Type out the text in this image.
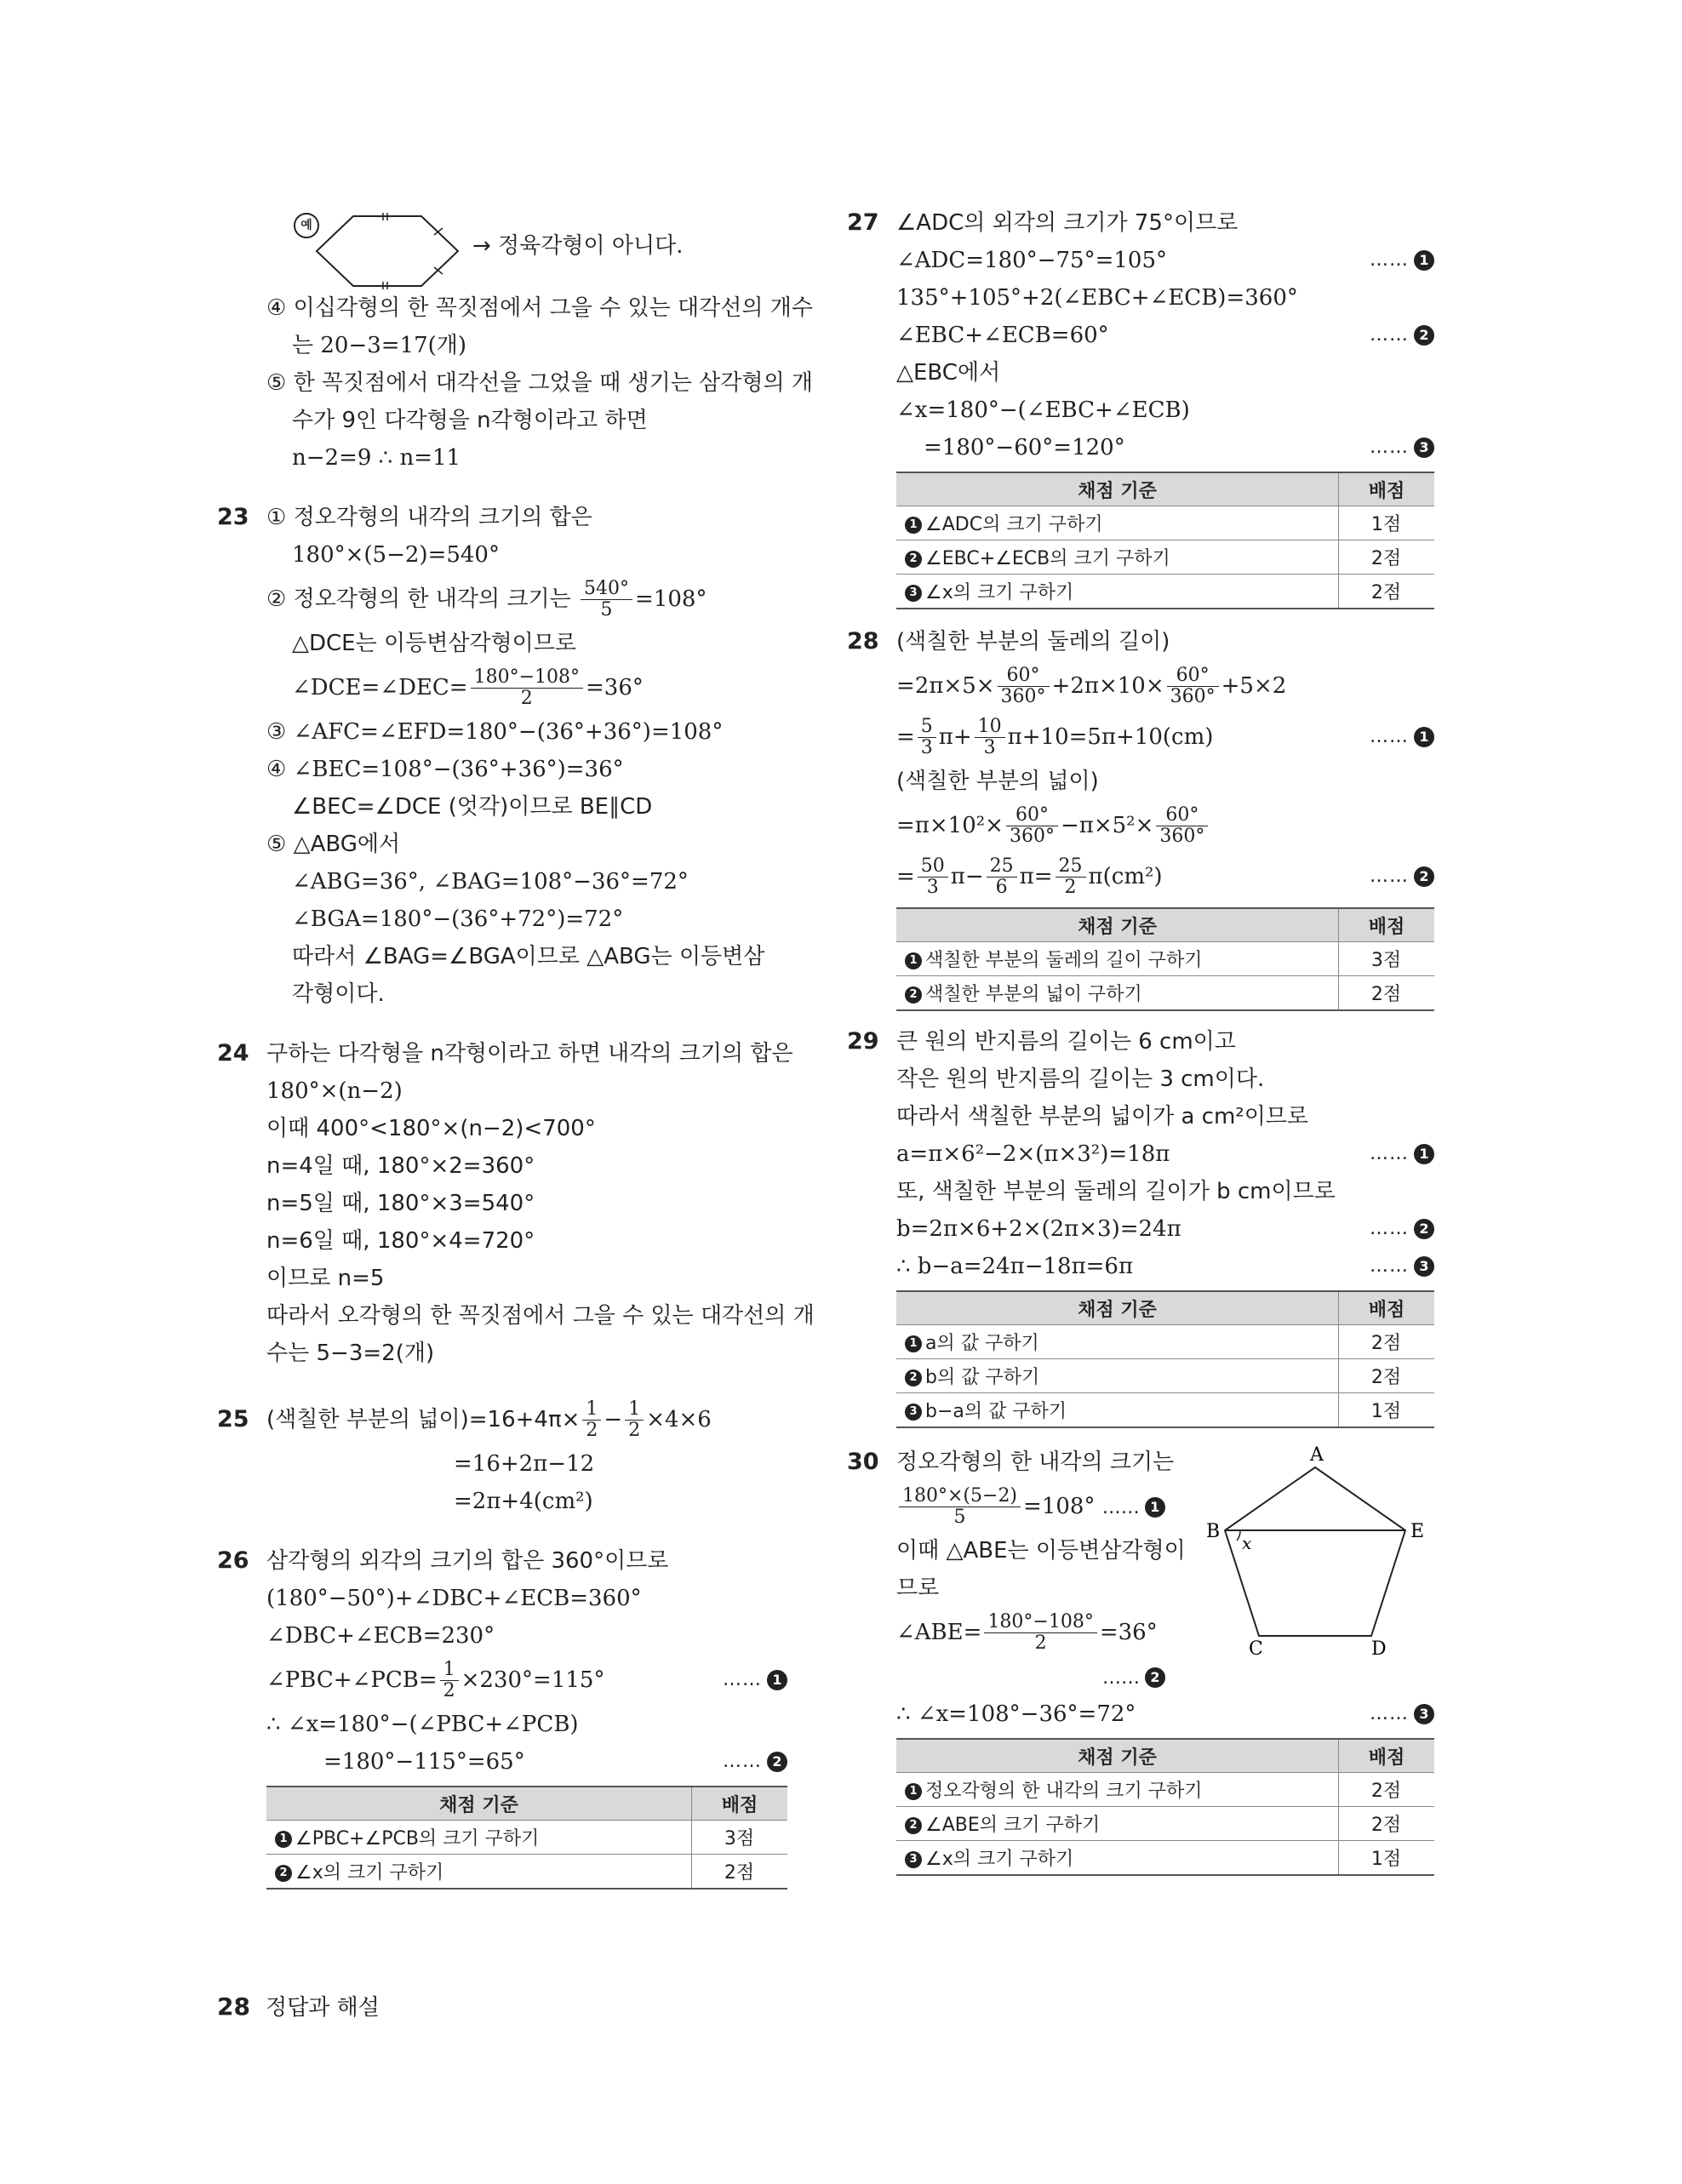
예
→ 정육각형이 아니다.
④ 이십각형의 한 꼭짓점에서 그을 수 있는 대각선의 개수
는 20−3=17(개)
⑤ 한 꼭짓점에서 대각선을 그었을 때 생기는 삼각형의 개
수가 9인 다각형을 n각형이라고 하면
n−2=9 ∴ n=11
23 ① 정오각형의 내각의 크기의 합은
180°×(5−2)=540°
② 정오각형의 한 내각의 크기는 $\frac{540^\circ}{5} =108^\circ$
△DCE는 이등변삼각형이므로
∠DCE=∠DEC= $\frac{180^\circ-108^\circ}{2} =36^\circ$
③ ∠AFC=∠EFD=180°−(36°+36°)=108°
④ ∠BEC=108°−(36°+36°)=36°
∠BEC=∠DCE (엇각)이므로 BE∥CD
⑤ △ABG에서
∠ABG=36°, ∠BAG=108°−36°=72°
∠BGA=180°−(36°+72°)=72°
따라서 ∠BAG=∠BGA이므로 △ABG는 이등변삼
각형이다.
24 구하는 다각형을 n각형이라고 하면 내각의 크기의 합은
180°×(n−2)
이때 400°<180°×(n−2)<700°
n=4일 때, 180°×2=360°
n=5일 때, 180°×3=540°
n=6일 때, 180°×4=720°
이므로 n=5
따라서 오각형의 한 꼭짓점에서 그을 수 있는 대각선의 개
수는 5−3=2(개)
25 (색칠한 부분의 넓이)$=16+4\pi\times \frac{1}{2} - \frac{1}{2} \times 4\times 6$
=16+2π−12
=2π+4(cm²)
26 삼각형의 외각의 크기의 합은 360°이므로
(180°−50°)+∠DBC+∠ECB=360°
∠DBC+∠ECB=230°
∠PBC+∠PCB= $\frac{1}{2} \times 230^\circ=115^\circ$	…… 1
∴ ∠x=180°−(∠PBC+∠PCB)
=180°−115°=65°	…… 2
채점 기준	배점
1 ∠PBC+∠PCB의 크기 구하기	3점
2 ∠x의 크기 구하기	2점
27 ∠ADC의 외각의 크기가 75°이므로
∠ADC=180°−75°=105°	…… 1
135°+105°+2(∠EBC+∠ECB)=360°
∠EBC+∠ECB=60°	…… 2
△EBC에서
∠x=180°−(∠EBC+∠ECB)
=180°−60°=120°	…… 3
채점 기준	배점
1 ∠ADC의 크기 구하기	1점
2 ∠EBC+∠ECB의 크기 구하기	2점
3 ∠x의 크기 구하기	2점
28 (색칠한 부분의 둘레의 길이)
$=2\pi\times 5\times \frac{60^\circ}{360^\circ} +2\pi\times 10\times \frac{60^\circ}{360^\circ} +5\times 2$
= $\frac{5}{3} \pi+ \frac{10}{3} \pi+10=5\pi+10(cm)$	…… 1
(색칠한 부분의 넓이)
$=\pi\times 10^2\times \frac{60^\circ}{360^\circ} -\pi\times 5^2\times \frac{60^\circ}{360^\circ}$
= $\frac{50}{3} \pi- \frac{25}{6} \pi= \frac{25}{2} \pi(cm^2)$	…… 2
채점 기준	배점
1 색칠한 부분의 둘레의 길이 구하기	3점
2 색칠한 부분의 넓이 구하기	2점
29 큰 원의 반지름의 길이는 6 cm이고
작은 원의 반지름의 길이는 3 cm이다.
따라서 색칠한 부분의 넓이가 a cm²이므로
a=π×6²−2×(π×3²)=18π	…… 1
또, 색칠한 부분의 둘레의 길이가 b cm이므로
b=2π×6+2×(2π×3)=24π	…… 2
∴ b−a=24π−18π=6π	…… 3
채점 기준	배점
1 a의 값 구하기	2점
2 b의 값 구하기	2점
3 b−a의 값 구하기	1점
A
B	E
C	D
x
30 정오각형의 한 내각의 크기는
$\frac{180^\circ\times(5-2)}{5} =108^\circ$ …… 1
이때 △ABE는 이등변삼각형이
므로
∠ABE= $\frac{180^\circ-108^\circ}{2} =36^\circ$
…… 2
∴ ∠x=108°−36°=72°	…… 3
채점 기준	배점
1 정오각형의 한 내각의 크기 구하기	2점
2 ∠ABE의 크기 구하기	2점
3 ∠x의 크기 구하기	1점
28 정답과 해설
